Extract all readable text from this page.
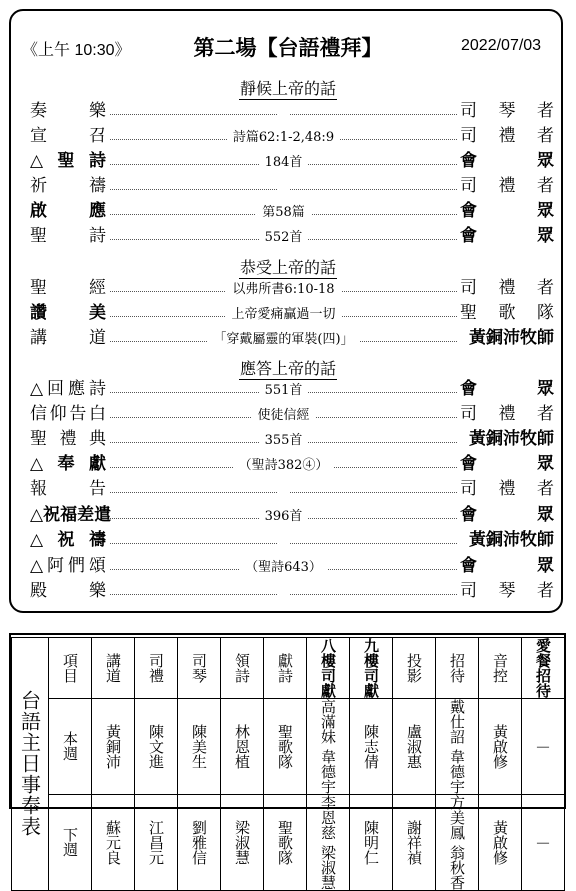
《上午 10:30》	第二場【台語禮拜】	2022/07/03
靜候上帝的話
恭受上帝的話
應答上帝的話
奏 樂	司 琴 者
宣 召	詩篇62:1-2,48:9	司 禮 者
△ 聖 詩	184首	會	眾
祈 禱	司 禮 者
啟 應	第58篇	會	眾
聖 詩	552首	會	眾
聖 經	以弗所書6:10-18	司 禮 者
讚 美	上帝愛痛贏過一切	聖 歌 隊
講 道	「穿戴屬靈的軍裝(四)」	黃銅沛牧師
△ 回 應 詩	551首	會	眾
信 仰 告 白	使徒信經	司 禮 者
聖 禮 典	355首	黃銅沛牧師
△ 奉 獻	（聖詩382④）	會	眾
報 告	司 禮 者
△ 祝 福 差 遣	396首	會	眾
△ 祝 禱	黃銅沛牧師
△ 阿 們 頌	（聖詩643）	會	眾
殿 樂	司 琴 者
台語主日事奉表	項目	講道	司禮	司琴	領詩	獻詩	八樓司獻	九樓司獻	投影	招待	音控	愛餐招待

	本週	黃銅沛	陳文進	陳美生	林恩植	聖歌隊	高滿妹 韋德宇	陳志倩	盧淑惠	戴仕詔 韋德宇	黃啟修	－

	下週	蘇元良	江昌元	劉雅信	梁淑慧	聖歌隊	李恩慈 梁淑慧	陳明仁	謝祥禎	方美鳳 翁秋香	黃啟修	－
